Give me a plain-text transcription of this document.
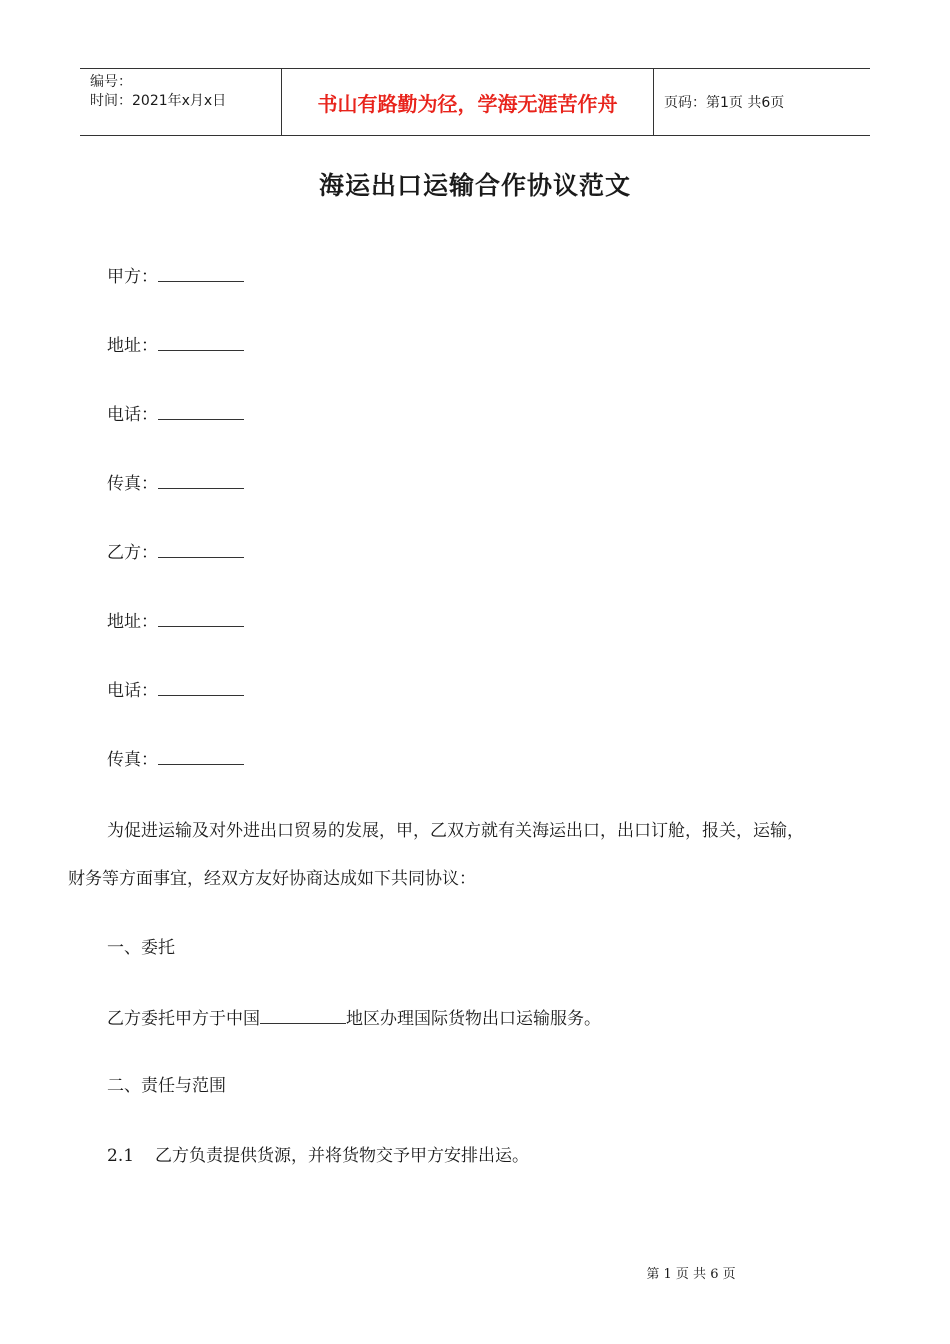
编号：
时间：2021年x月x日	书山有路勤为径，学海无涯苦作舟	页码：第1页 共6页
海运出口运输合作协议范文
甲方：
地址：
电话：
传真：
乙方：
地址：
电话：
传真：
为促进运输及对外进出口贸易的发展，甲，乙双方就有关海运出口，出口订舱，报关，运输，
财务等方面事宜，经双方友好协商达成如下共同协议：
一、委托
乙方委托甲方于中国	地区办理国际货物出口运输服务。
二、责任与范围
2.1 乙方负责提供货源，并将货物交予甲方安排出运。
第 1 页 共 6 页
